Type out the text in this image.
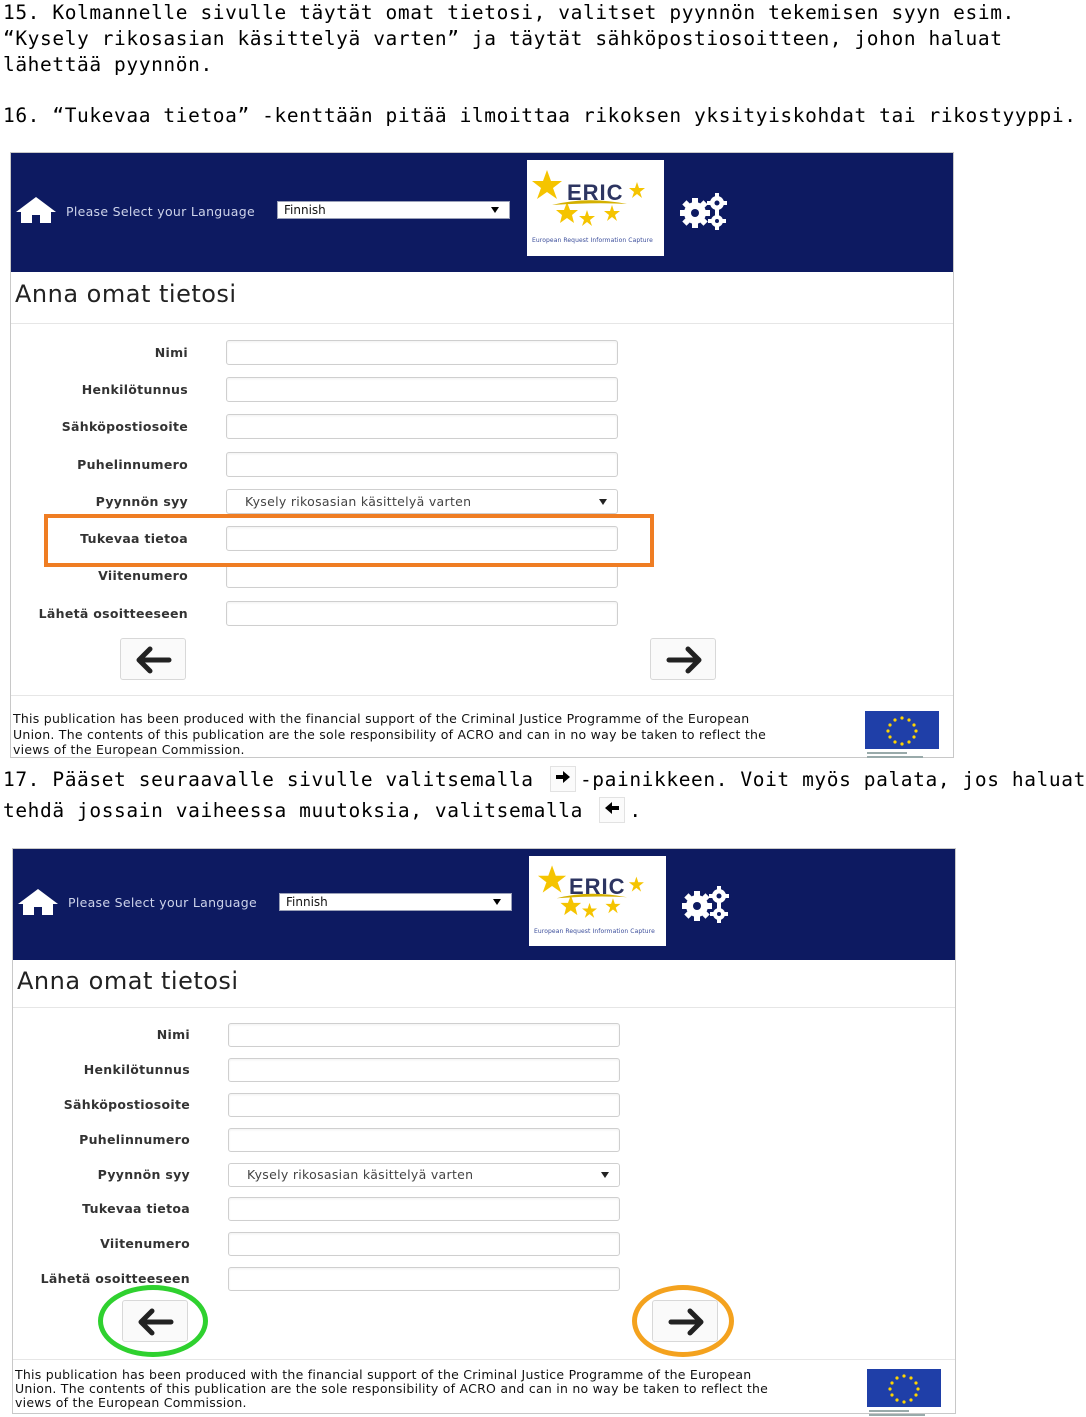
15. Kolmannelle sivulle täytät omat tietosi, valitset pyynnön tekemisen syyn esim.
“Kysely rikosasian käsittelyä varten” ja täytät sähköpostiosoitteen, johon haluat
lähettää pyynnön.
16. “Tukevaa tietoa” -kenttään pitää ilmoittaa rikoksen yksityiskohdat tai rikostyyppi.
Please Select your Language	Finnish
ERIC
European Request Information Capture
Anna omat tietosi
Nimi
Henkilötunnus
Sähköpostiosoite
Puhelinnumero
Pyynnön syy	Kysely rikosasian käsittelyä varten
Tukevaa tietoa
Viitenumero
Lähetä osoitteeseen
This publication has been produced with the financial support of the Criminal Justice Programme of the European
Union. The contents of this publication are the sole responsibility of ACRO and can in no way be taken to reflect the
views of the European Commission.
17. Pääset seuraavalle sivulle valitsemalla
-painikkeen. Voit myös palata, jos haluat
tehdä jossain vaiheessa muutoksia, valitsemalla
.
Please Select your Language	Finnish
ERIC
European Request Information Capture
Anna omat tietosi
Nimi
Henkilötunnus
Sähköpostiosoite
Puhelinnumero
Pyynnön syy	Kysely rikosasian käsittelyä varten
Tukevaa tietoa
Viitenumero
Lähetä osoitteeseen
This publication has been produced with the financial support of the Criminal Justice Programme of the European
Union. The contents of this publication are the sole responsibility of ACRO and can in no way be taken to reflect the
views of the European Commission.
